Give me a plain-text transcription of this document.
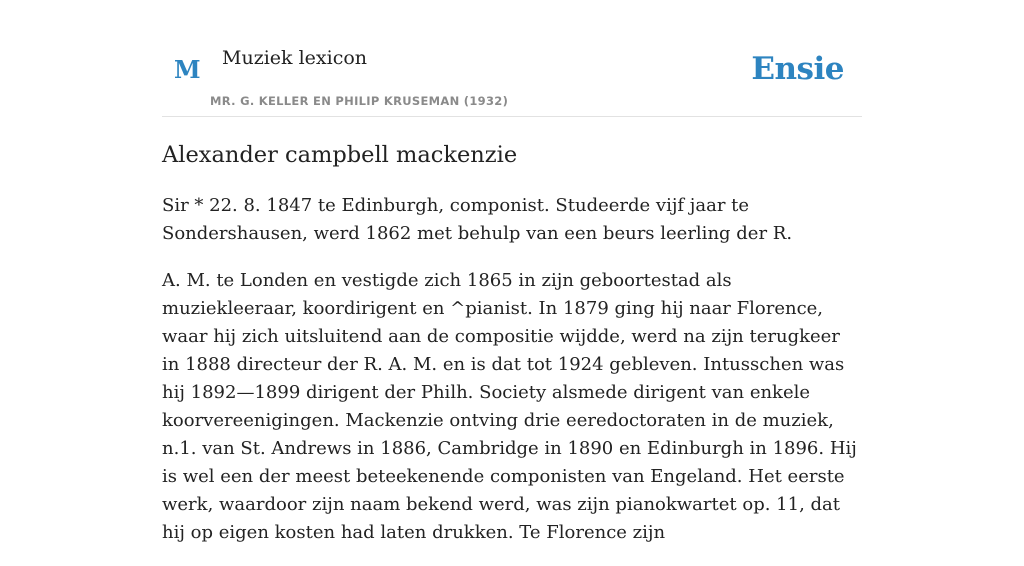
M Muziek lexicon
MR. G. KELLER EN PHILIP KRUSEMAN (1932)
Ensie
Alexander campbell mackenzie

Sir * 22. 8. 1847 te Edinburgh, componist. Studeerde vijf jaar te Sondershausen, werd 1862 met behulp van een beurs leerling der R.

A. M. te Londen en vestigde zich 1865 in zijn geboortestad als muziekleeraar, koordirigent en ^pianist. In 1879 ging hij naar Florence, waar hij zich uitsluitend aan de compositie wijdde, werd na zijn terugkeer in 1888 directeur der R. A. M. en is dat tot 1924 gebleven. Intusschen was hij 1892—1899 dirigent der Philh. Society alsmede dirigent van enkele koorvereenigingen. Mackenzie ontving drie eeredoctoraten in de muziek, n.1. van St. Andrews in 1886, Cambridge in 1890 en Edinburgh in 1896. Hij is wel een der meest beteekenende componisten van Engeland. Het eerste werk, waardoor zijn naam bekend werd, was zijn pianokwartet op. 11, dat hij op eigen kosten had laten drukken. Te Florence zijn
